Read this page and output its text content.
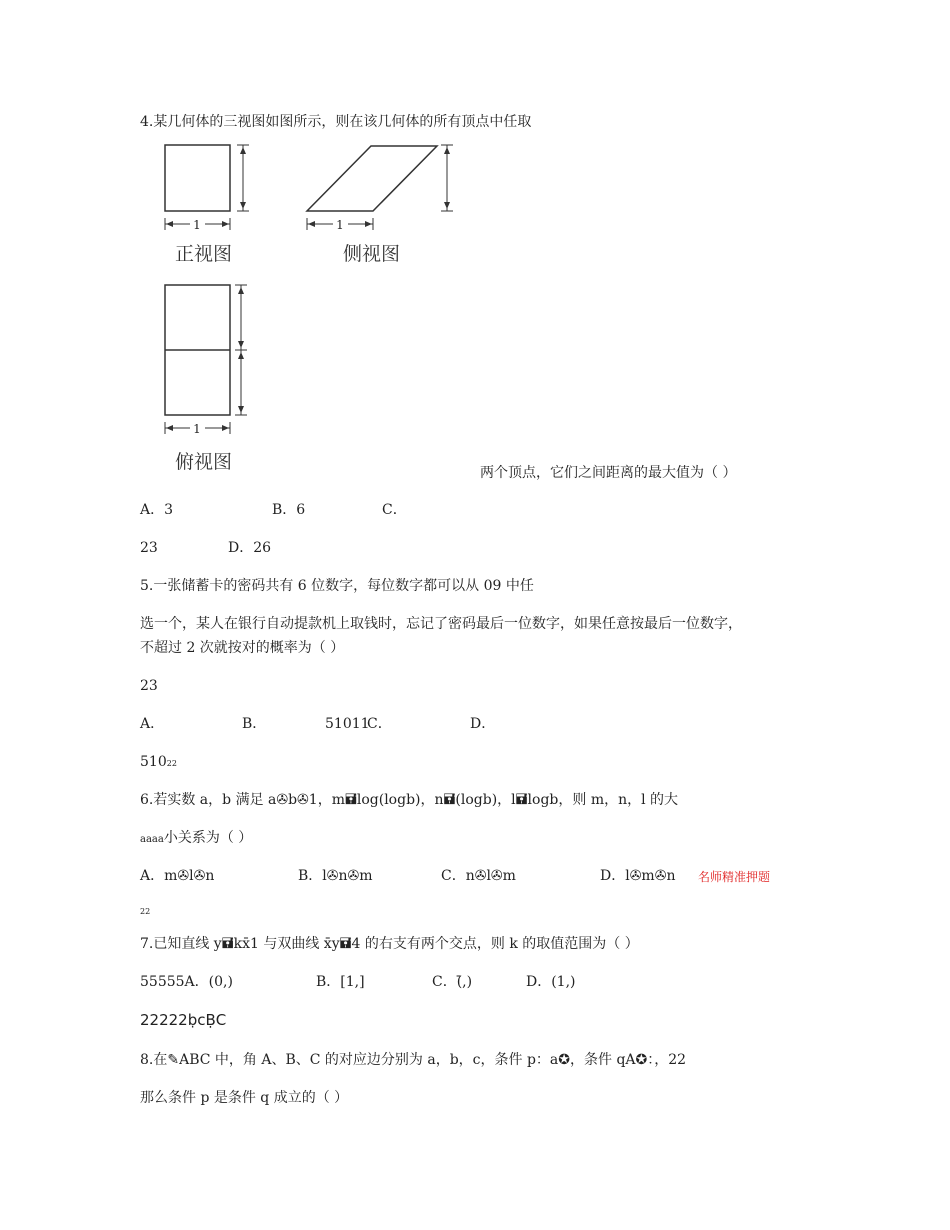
4.某几何体的三视图如图所示，则在该几何体的所有顶点中任取
1
正视图
1
侧视图
1
俯视图	两个顶点，它们之间距离的最大值为（ ）
A．3	B．6	C．
23	D．26
5.一张储蓄卡的密码共有 6 位数字，每位数字都可以从 09 中任
选一个，某人在银行自动提款机上取钱时，忘记了密码最后一位数字，如果任意按最后一位数字，
不超过 2 次就按对的概率为（ ）
23
A．	B．	51011
C．	D．
51022
6.若实数 a，b 满足 a✇b✇1，m🖬log(logb)，n🖬(logb)，l🖬logb，则 m，n，l 的大
aaaa小关系为（ ）
A．m✇l✇n	B．l✇n✇m	C．n✇l✇m	D．l✇m✇n 名师精准押题
22
7.已知直线 y🖬kx̄1 与双曲线 x̄y🖬4 的右支有两个交点，则 k 的取值范围为（ ）
55555A．(0,)	B．[1,]	C．(̄,)	D．(1,)
22222ḅcḄC
8.在✎ABC 中，角 A、B、C 的对应边分别为 a，b，c，条件 p：a✪，条件 qA✪：，22
那么条件 p 是条件 q 成立的（ ）
